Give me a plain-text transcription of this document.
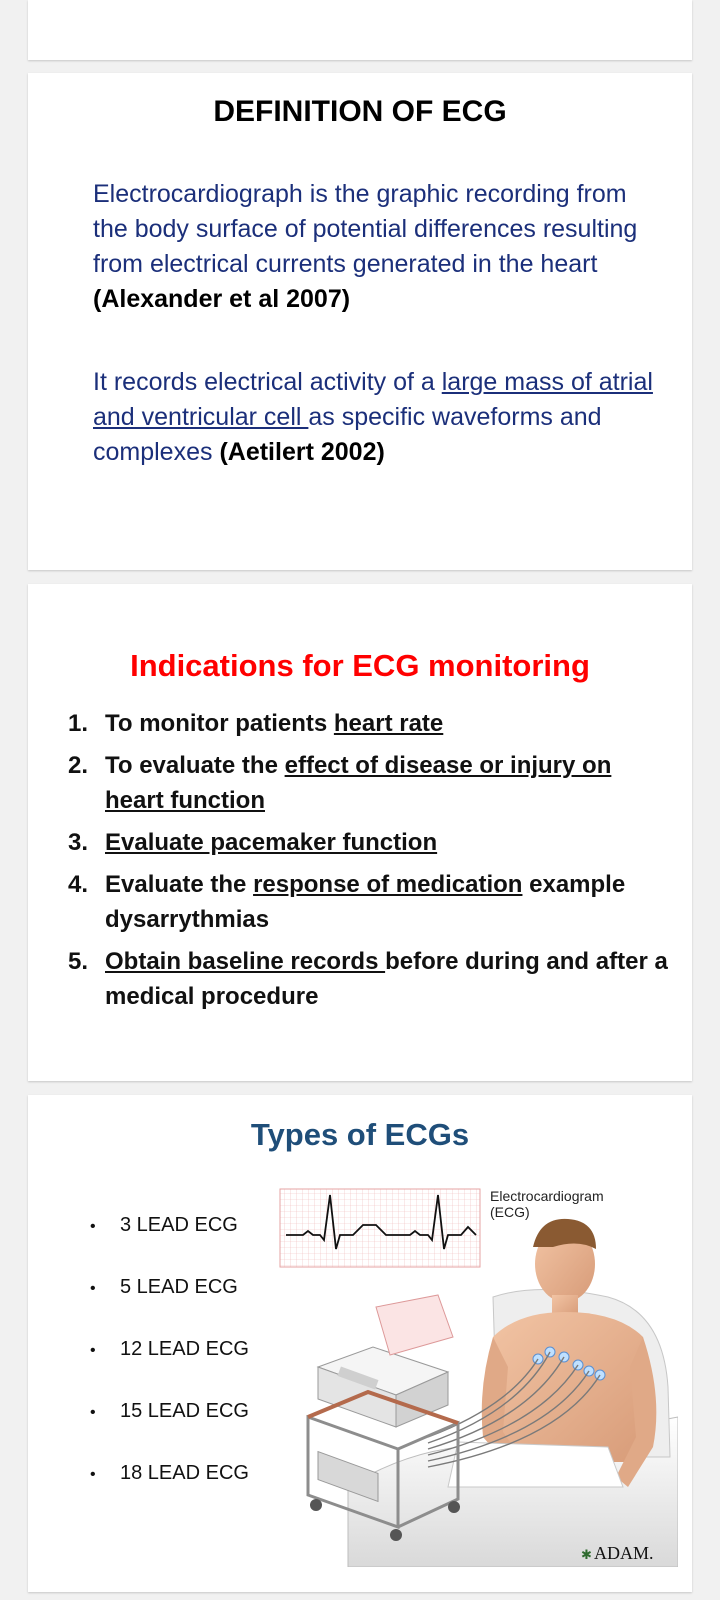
DEFINITION OF ECG
Electrocardiograph is the graphic recording from the body surface of potential differences resulting from electrical currents generated in the heart (Alexander et al 2007)
It records electrical activity of a large mass of atrial and ventricular cell as specific waveforms and complexes (Aetilert 2002)
Indications for ECG monitoring
1. To monitor patients heart rate
2. To evaluate the effect of disease or injury on heart function
3. Evaluate pacemaker function
4. Evaluate the response of medication example dysarrythmias
5. Obtain baseline records before during and after a medical procedure
Types of ECGs
• 3 LEAD ECG
• 5 LEAD ECG
• 12 LEAD ECG
• 15 LEAD ECG
• 18 LEAD ECG
Electrocardiogram
(ECG)
✱ ADAM.
